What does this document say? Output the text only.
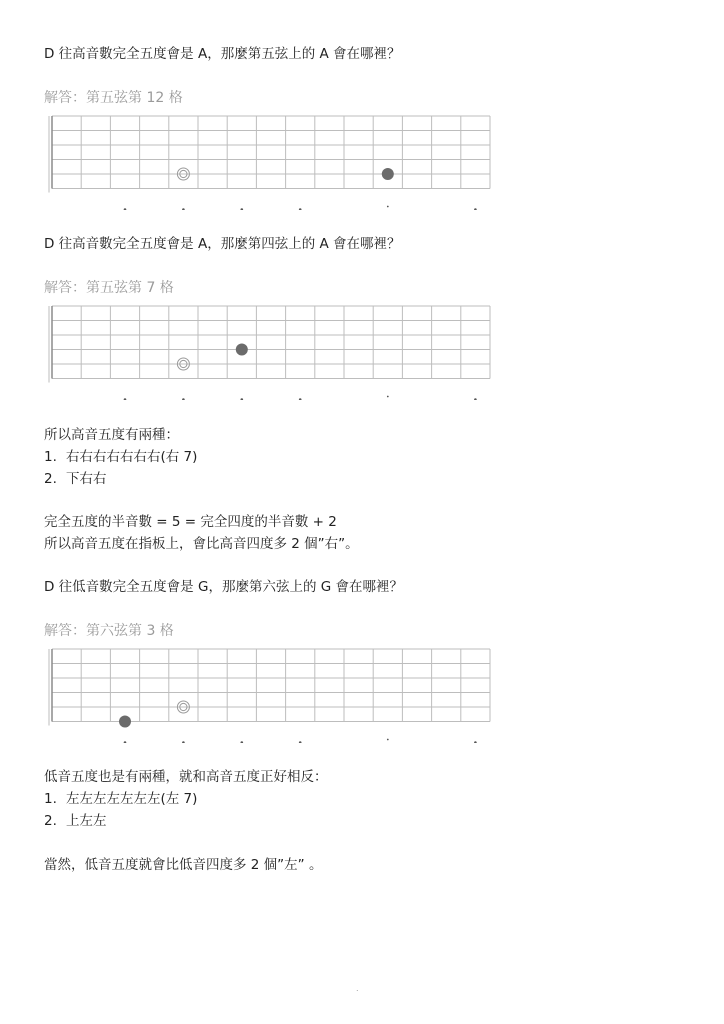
D 往高音數完全五度會是 A，那麼第五弦上的 A 會在哪裡？
解答：第五弦第 12 格
D 往高音數完全五度會是 A，那麼第四弦上的 A 會在哪裡？
解答：第五弦第 7 格
所以高音五度有兩種：
1. 右右右右右右右(右 7)
2. 下右右
完全五度的半音數 = 5 = 完全四度的半音數 + 2
所以高音五度在指板上，會比高音四度多 2 個”右”。
D 往低音數完全五度會是 G，那麼第六弦上的 G 會在哪裡？
解答：第六弦第 3 格
低音五度也是有兩種，就和高音五度正好相反：
1. 左左左左左左左(左 7)
2. 上左左
當然，低音五度就會比低音四度多 2 個”左” 。
.
